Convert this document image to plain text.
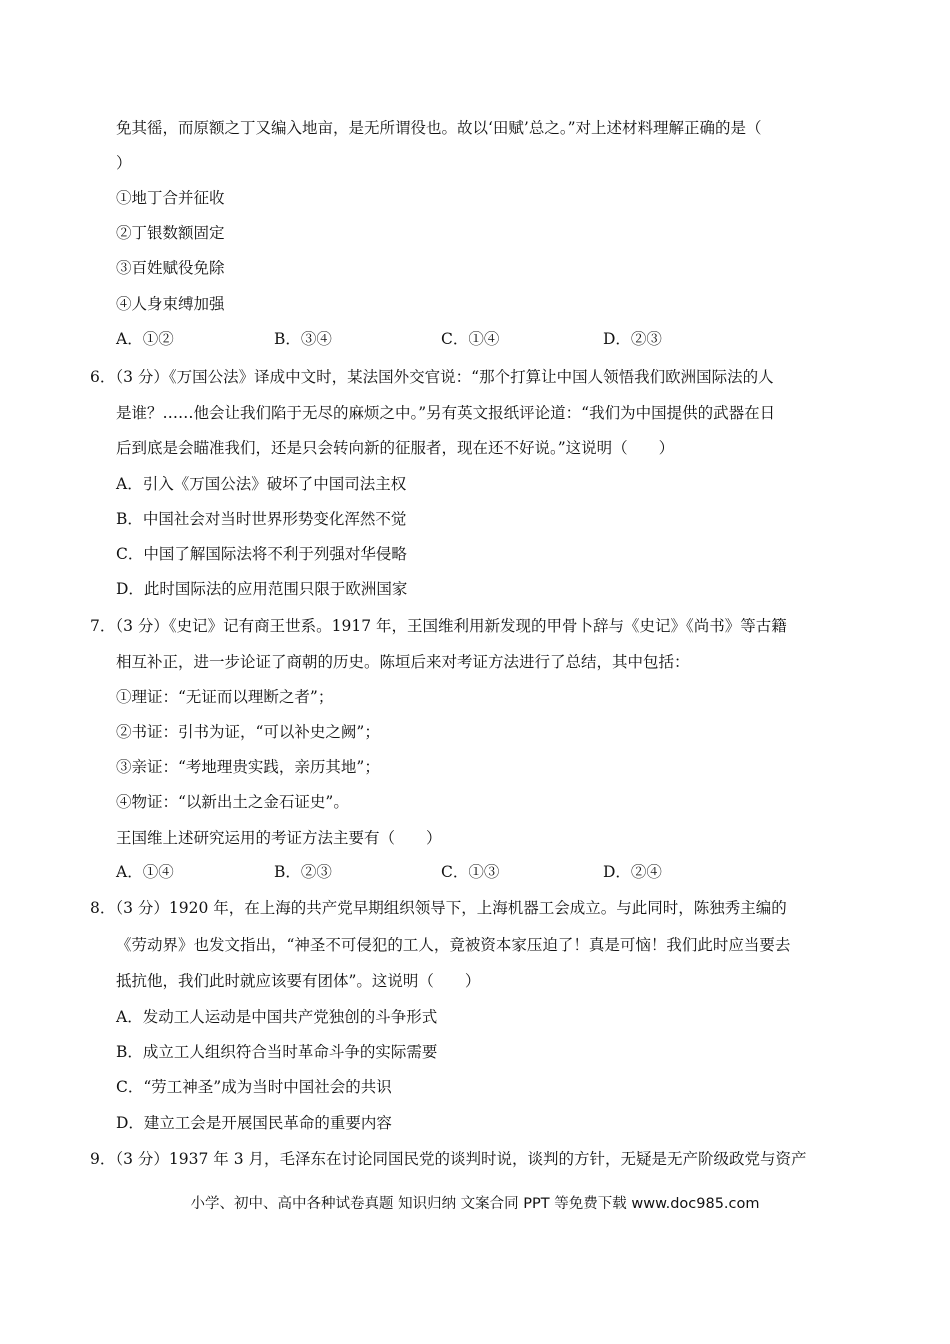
免其徭，而原额之丁又编入地亩，是无所谓役也。故以‘田赋’总之。”对上述材料理解正确的是（
）
①地丁合并征收
②丁银数额固定
③百姓赋役免除
④人身束缚加强
A．①②	B．③④	C．①④	D．②③
6．（3 分）《万国公法》译成中文时，某法国外交官说：“那个打算让中国人领悟我们欧洲国际法的人
是谁？……他会让我们陷于无尽的麻烦之中。”另有英文报纸评论道：“我们为中国提供的武器在日
后到底是会瞄准我们，还是只会转向新的征服者，现在还不好说。”这说明（　　）
A．引入《万国公法》破坏了中国司法主权
B．中国社会对当时世界形势变化浑然不觉
C．中国了解国际法将不利于列强对华侵略
D．此时国际法的应用范围只限于欧洲国家
7．（3 分）《史记》记有商王世系。1917 年，王国维利用新发现的甲骨卜辞与《史记》《尚书》等古籍
相互补正，进一步论证了商朝的历史。陈垣后来对考证方法进行了总结，其中包括：
①理证：“无证而以理断之者”；
②书证：引书为证，“可以补史之阙”；
③亲证：“考地理贵实践，亲历其地”；
④物证：“以新出土之金石证史”。
王国维上述研究运用的考证方法主要有（　　）
A．①④	B．②③	C．①③	D．②④
8．（3 分）1920 年，在上海的共产党早期组织领导下，上海机器工会成立。与此同时，陈独秀主编的
《劳动界》也发文指出，“神圣不可侵犯的工人，竟被资本家压迫了！真是可恼！我们此时应当要去
抵抗他，我们此时就应该要有团体”。这说明（　　）
A．发动工人运动是中国共产党独创的斗争形式
B．成立工人组织符合当时革命斗争的实际需要
C．“劳工神圣”成为当时中国社会的共识
D．建立工会是开展国民革命的重要内容
9．（3 分）1937 年 3 月，毛泽东在讨论同国民党的谈判时说，谈判的方针，无疑是无产阶级政党与资产
小学、初中、高中各种试卷真题 知识归纳 文案合同 PPT 等免费下载 www.doc985.com
